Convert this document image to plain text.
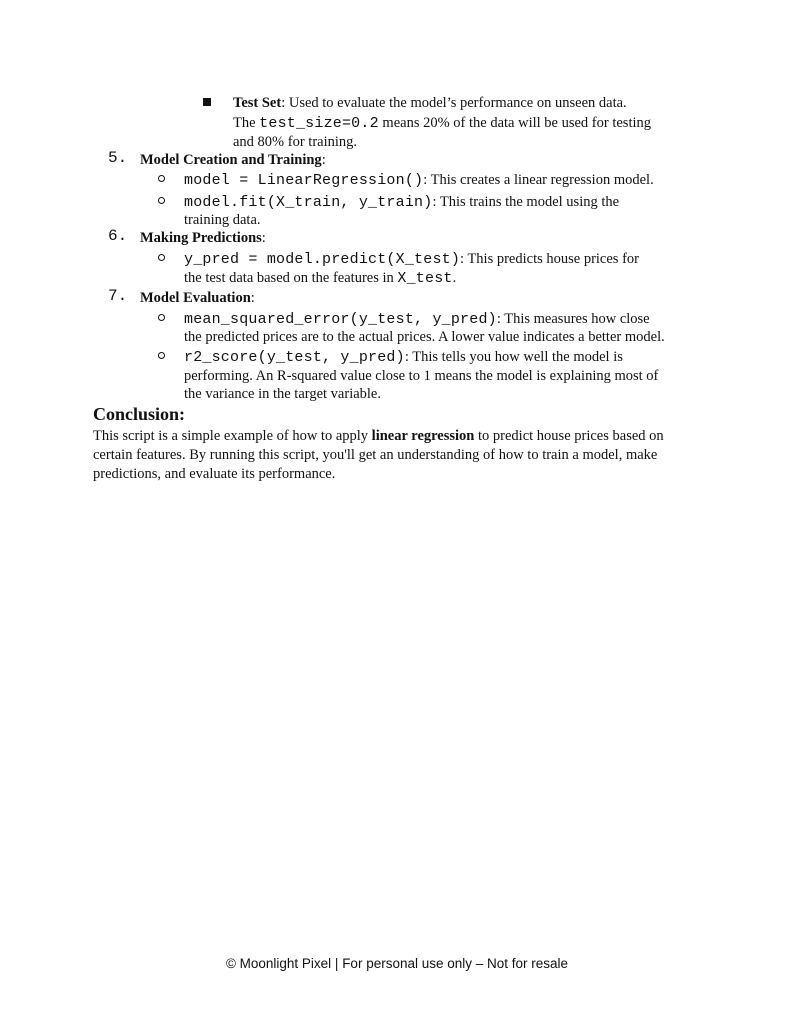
Test Set: Used to evaluate the model’s performance on unseen data.
The test_size=0.2 means 20% of the data will be used for testing
and 80% for training.
5. Model Creation and Training:
model = LinearRegression(): This creates a linear regression model.
model.fit(X_train, y_train): This trains the model using the
training data.
6. Making Predictions:
y_pred = model.predict(X_test): This predicts house prices for
the test data based on the features in X_test.
7. Model Evaluation:
mean_squared_error(y_test, y_pred): This measures how close
the predicted prices are to the actual prices. A lower value indicates a better model.
r2_score(y_test, y_pred): This tells you how well the model is
performing. An R-squared value close to 1 means the model is explaining most of
the variance in the target variable.
Conclusion:
This script is a simple example of how to apply linear regression to predict house prices based on certain features. By running this script, you'll get an understanding of how to train a model, make predictions, and evaluate its performance.
© Moonlight Pixel | For personal use only – Not for resale
